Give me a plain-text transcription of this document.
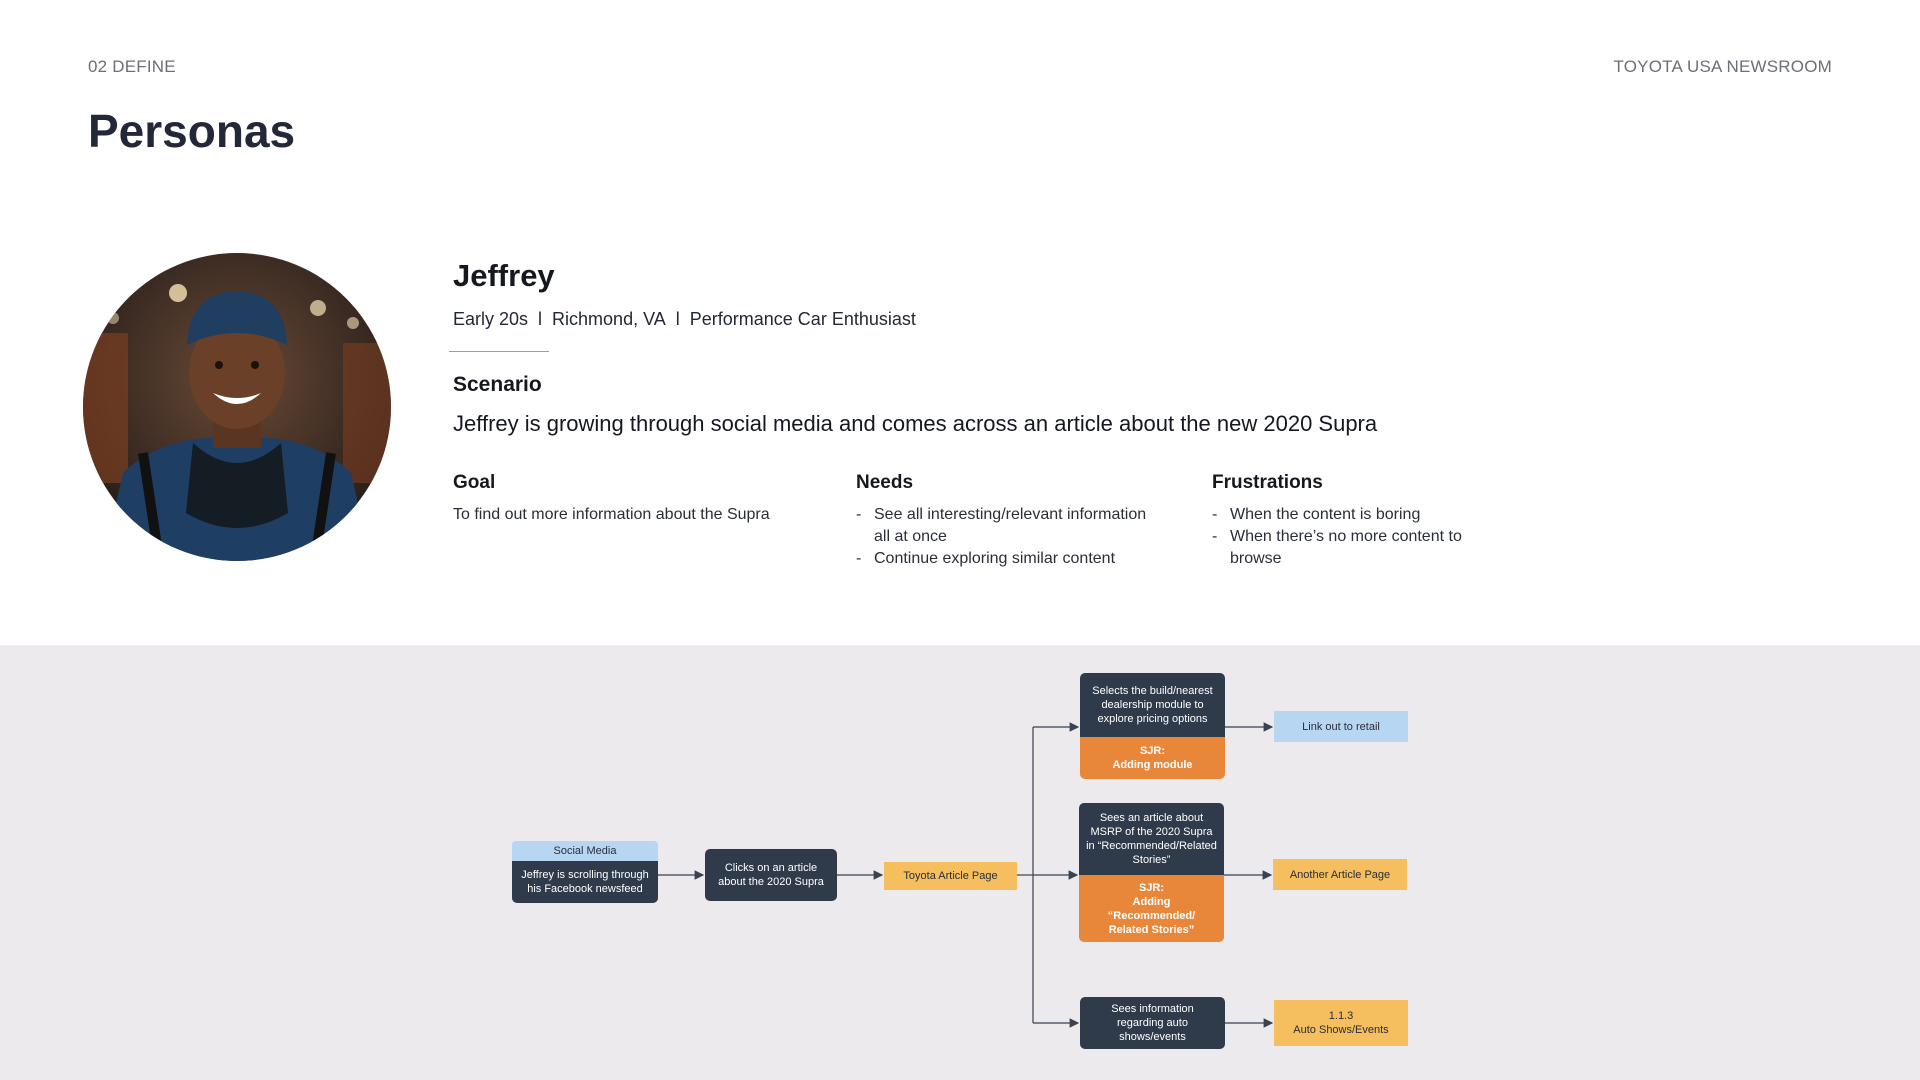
02 DEFINE	TOYOTA USA NEWSROOM
Personas
Jeffrey
Early 20s l Richmond, VA l Performance Car Enthusiast
Scenario
Jeffrey is growing through social media and comes across an article about the new 2020 Supra
Goal
To find out more information about the Supra
Needs
- See all interesting/relevant information all at once
- Continue exploring similar content
Frustrations
- When the content is boring
- When there’s no more content to browse
Social Media
Jeffrey is scrolling through his Facebook newsfeed
Clicks on an article about the 2020 Supra	Toyota Article Page
Selects the build/nearest dealership module to explore pricing options
SJR:
Adding module
Link out to retail
Sees an article about MSRP of the 2020 Supra in “Recommended/Related Stories”
SJR:
Adding
“Recommended/
Related Stories”
Another Article Page
Sees information regarding auto shows/events
1.1.3
Auto Shows/Events
